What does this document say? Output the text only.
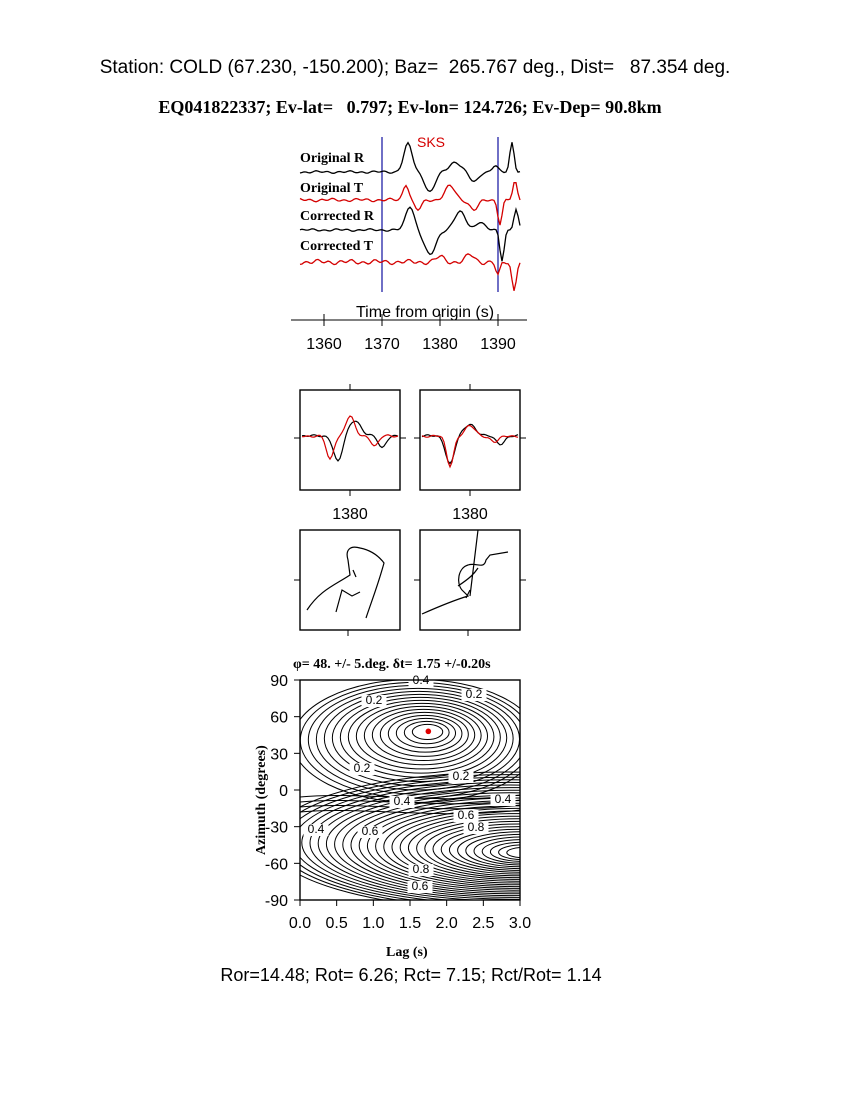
Station: COLD (67.230, -150.200); Baz=  265.767 deg., Dist=   87.354 deg.
EQ041822337; Ev-lat=   0.797; Ev-lon= 124.726; Ev-Dep= 90.8km
SKS
Original R
Original T
Corrected R
Corrected T
Time from origin (s)
1360 1370 1380 1390
1380	1380
φ= 48. +/- 5.deg. δt= 1.75 +/-0.20s
0.4
0.2	0.2
0.2
0.2
0.4	0.4
0.6
0.8
0.4	0.6
0.8
0.6
0.0 0.5 1.0 1.5 2.0 2.5 3.0
90
60
30
0
-30
-60
-90
Azimuth (degrees)
Lag (s)
Ror=14.48; Rot= 6.26; Rct= 7.15; Rct/Rot= 1.14
